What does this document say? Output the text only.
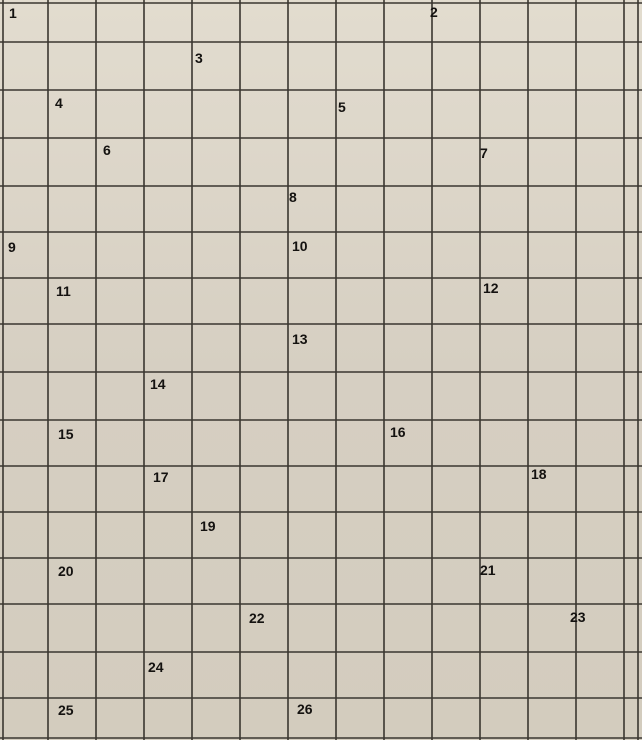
1	2
3
4	5
6	7
8
9	10
11	12
13
14
15	16
17	18
19
20	21
22	23
24
25	26
